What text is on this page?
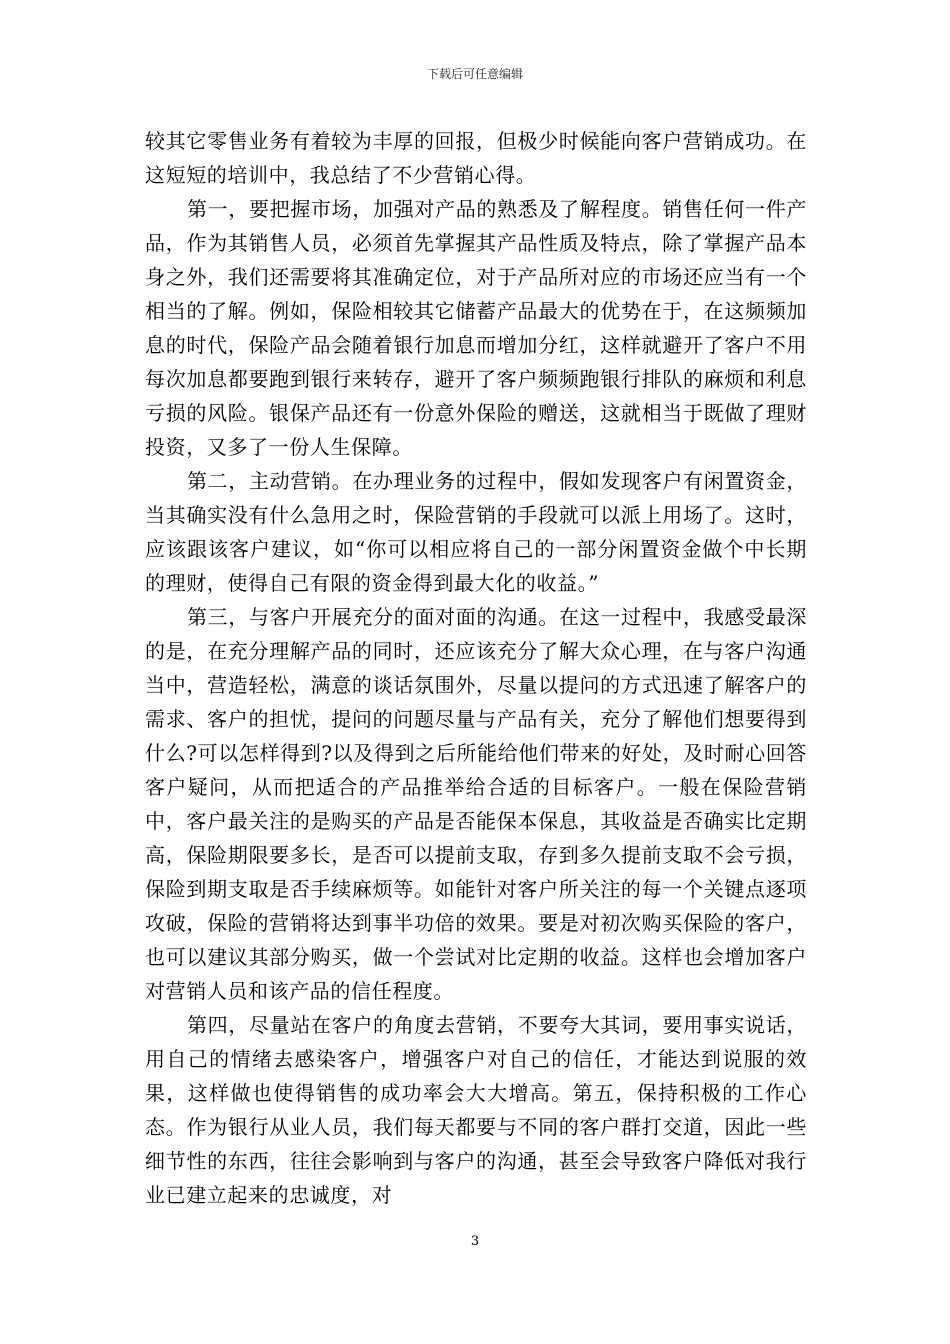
下载后可任意编辑

较其它零售业务有着较为丰厚的回报，但极少时候能向客户营销成功。在这短短的培训中，我总结了不少营销心得。

第一，要把握市场，加强对产品的熟悉及了解程度。销售任何一件产品，作为其销售人员，必须首先掌握其产品性质及特点，除了掌握产品本身之外，我们还需要将其准确定位，对于产品所对应的市场还应当有一个相当的了解。例如，保险相较其它储蓄产品最大的优势在于，在这频频加息的时代，保险产品会随着银行加息而增加分红，这样就避开了客户不用每次加息都要跑到银行来转存，避开了客户频频跑银行排队的麻烦和利息亏损的风险。银保产品还有一份意外保险的赠送，这就相当于既做了理财投资，又多了一份人生保障。

第二，主动营销。在办理业务的过程中，假如发现客户有闲置资金，当其确实没有什么急用之时，保险营销的手段就可以派上用场了。这时，应该跟该客户建议，如“你可以相应将自己的一部分闲置资金做个中长期的理财，使得自己有限的资金得到最大化的收益。”

第三，与客户开展充分的面对面的沟通。在这一过程中，我感受最深的是，在充分理解产品的同时，还应该充分了解大众心理，在与客户沟通当中，营造轻松，满意的谈话氛围外，尽量以提问的方式迅速了解客户的需求、客户的担忧，提问的问题尽量与产品有关，充分了解他们想要得到什么?可以怎样得到?以及得到之后所能给他们带来的好处，及时耐心回答客户疑问，从而把适合的产品推举给合适的目标客户。一般在保险营销中，客户最关注的是购买的产品是否能保本保息，其收益是否确实比定期高，保险期限要多长，是否可以提前支取，存到多久提前支取不会亏损，保险到期支取是否手续麻烦等。如能针对客户所关注的每一个关键点逐项攻破，保险的营销将达到事半功倍的效果。要是对初次购买保险的客户，也可以建议其部分购买，做一个尝试对比定期的收益。这样也会增加客户对营销人员和该产品的信任程度。

第四，尽量站在客户的角度去营销，不要夸大其词，要用事实说话，用自己的情绪去感染客户，增强客户对自己的信任，才能达到说服的效果，这样做也使得销售的成功率会大大增高。第五，保持积极的工作心态。作为银行从业人员，我们每天都要与不同的客户群打交道，因此一些细节性的东西，往往会影响到与客户的沟通，甚至会导致客户降低对我行业已建立起来的忠诚度，对

3
